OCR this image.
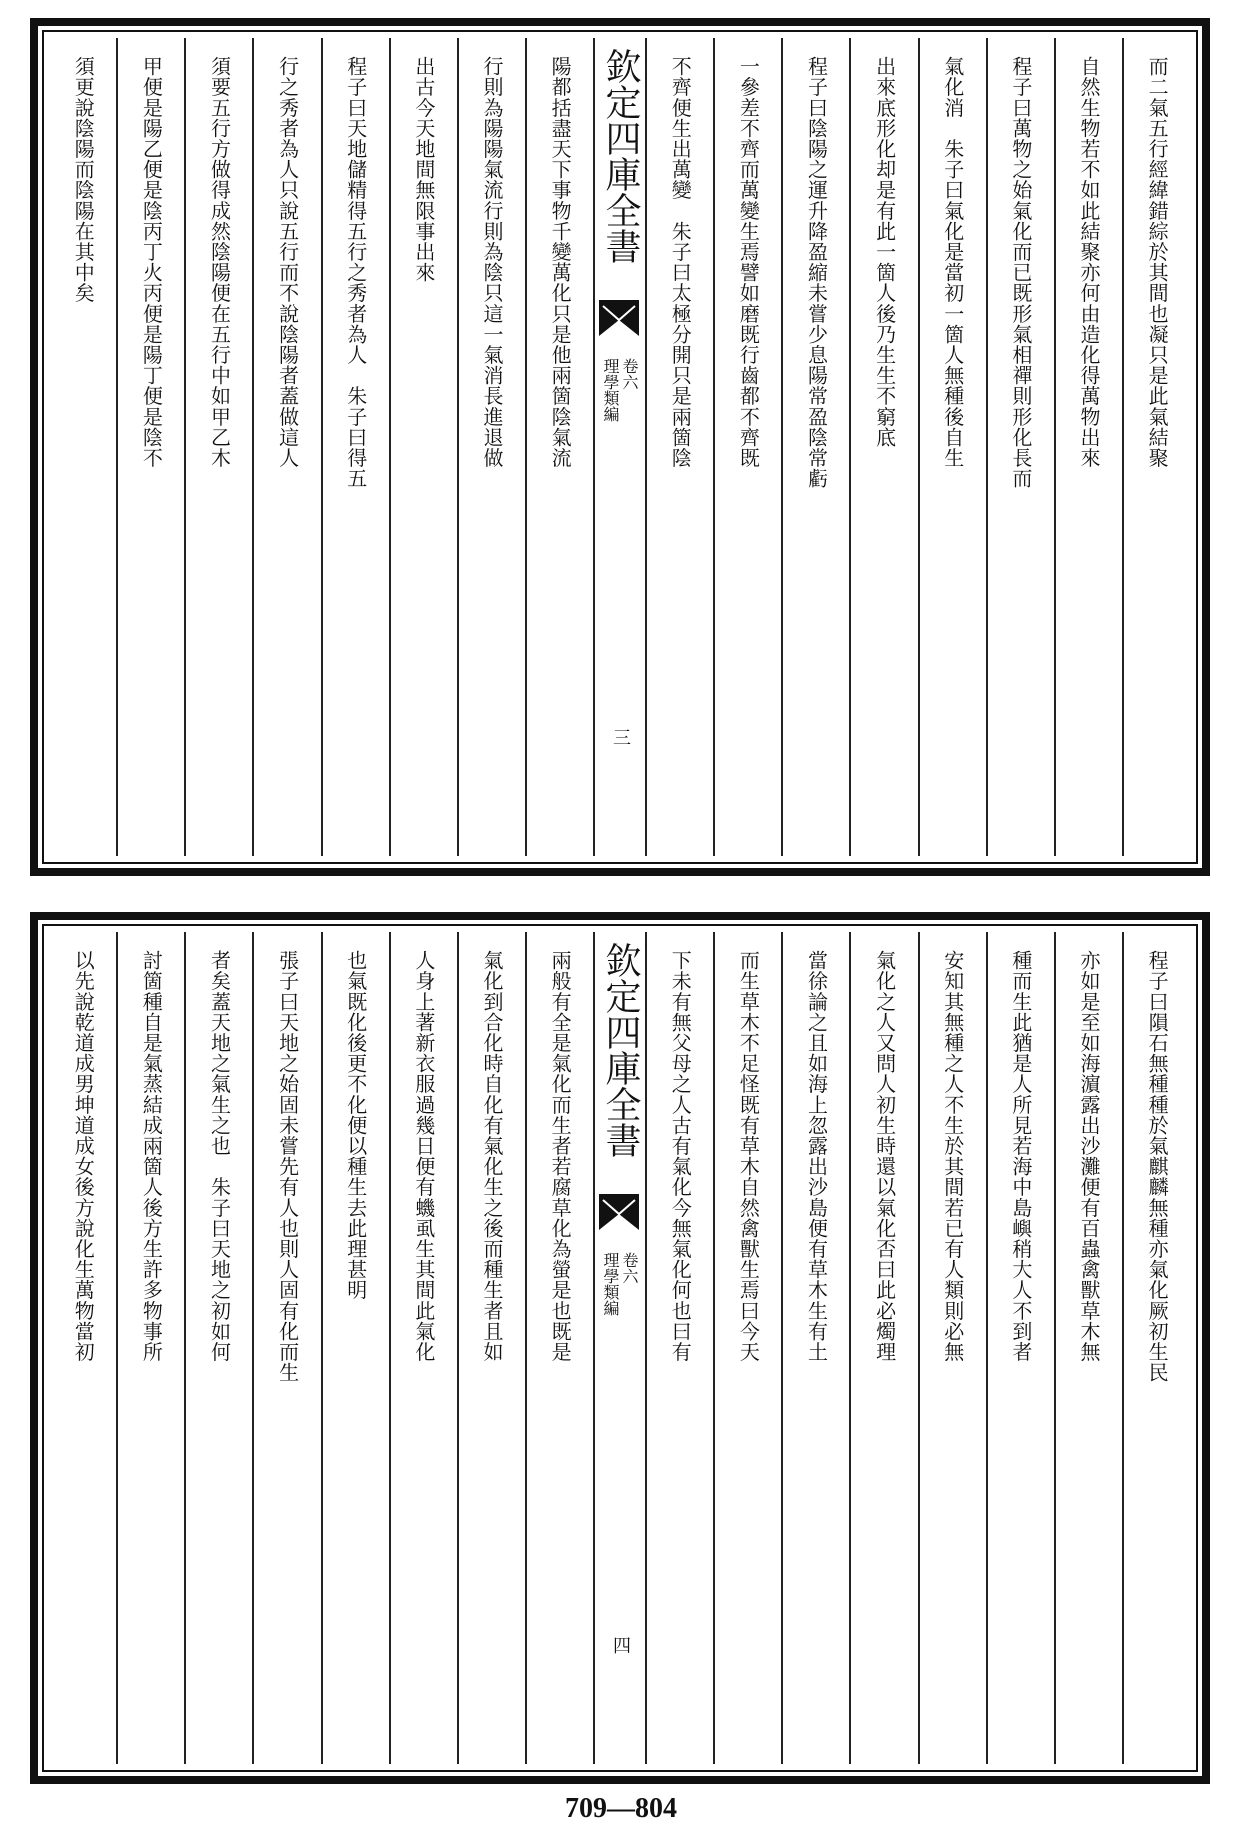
而二氣五行經緯錯綜於其間也凝只是此氣結聚
自然生物若不如此結聚亦何由造化得萬物出來
程子曰萬物之始氣化而已既形氣相禪則形化長而
氣化消　朱子曰氣化是當初一箇人無種後自生
出來底形化却是有此一箇人後乃生生不窮底
程子曰陰陽之運升降盈縮未嘗少息陽常盈陰常虧
一參差不齊而萬變生焉譬如磨既行齒都不齊既
不齊便生出萬變　朱子曰太極分開只是兩箇陰
欽定四庫全書
理學類編 卷六
三
陽都括盡天下事物千變萬化只是他兩箇陰氣流
行則為陽陽氣流行則為陰只這一氣消長進退做
出古今天地間無限事出來
程子曰天地儲精得五行之秀者為人　朱子曰得五
行之秀者為人只說五行而不說陰陽者蓋做這人
須要五行方做得成然陰陽便在五行中如甲乙木
甲便是陽乙便是陰丙丁火丙便是陽丁便是陰不
須更說陰陽而陰陽在其中矣
程子曰隕石無種種於氣麒麟無種亦氣化厥初生民
亦如是至如海濵露出沙灘便有百蟲禽獸草木無
種而生此猶是人所見若海中島嶼稍大人不到者
安知其無種之人不生於其間若已有人類則必無
氣化之人又問人初生時還以氣化否曰此必燭理
當徐論之且如海上忽露出沙島便有草木生有土
而生草木不足怪既有草木自然禽獸生焉曰今天
下未有無父母之人古有氣化今無氣化何也曰有
欽定四庫全書
理學類編 卷六
四
兩般有全是氣化而生者若腐草化為螢是也既是
氣化到合化時自化有氣化生之後而種生者且如
人身上著新衣服過幾日便有蟣虱生其間此氣化
也氣既化後更不化便以種生去此理甚明
張子曰天地之始固未嘗先有人也則人固有化而生
者矣蓋天地之氣生之也　朱子曰天地之初如何
討箇種自是氣蒸結成兩箇人後方生許多物事所
以先說乾道成男坤道成女後方說化生萬物當初
709—804
